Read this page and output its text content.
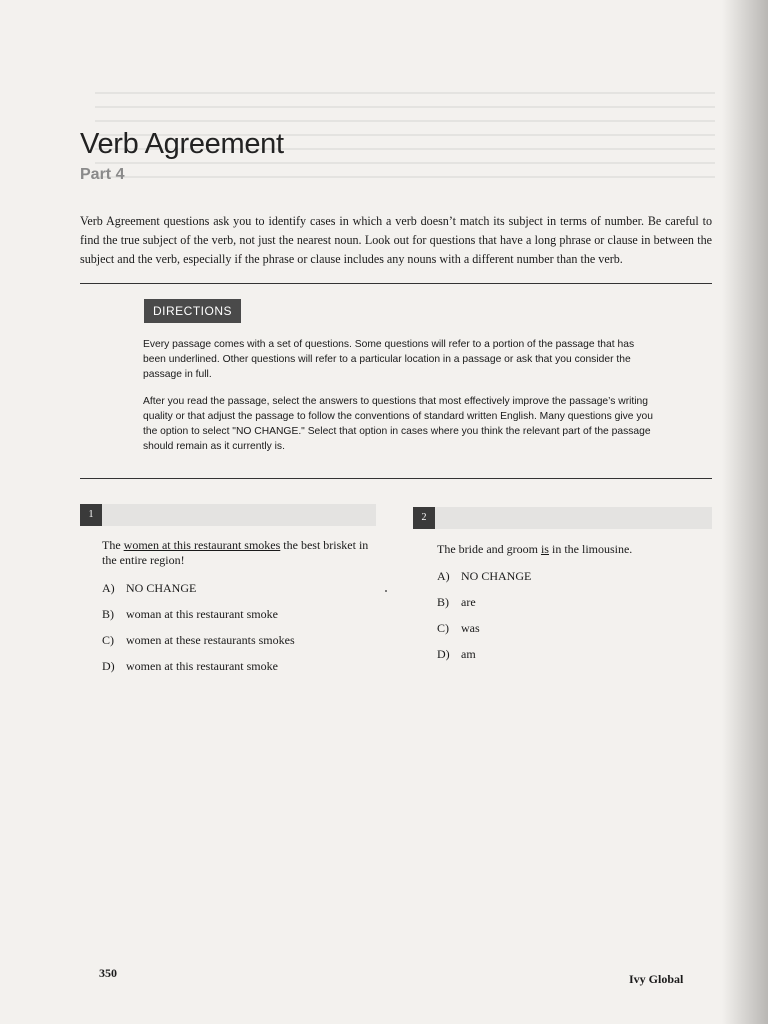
Verb Agreement
Part 4

Verb Agreement questions ask you to identify cases in which a verb doesn’t match its subject in terms of number. Be careful to find the true subject of the verb, not just the nearest noun. Look out for questions that have a long phrase or clause in between the subject and the verb, especially if the phrase or clause includes any nouns with a different number than the verb.

DIRECTIONS

Every passage comes with a set of questions. Some questions will refer to a portion of the passage that has been underlined. Other questions will refer to a particular location in a passage or ask that you consider the passage in full.

After you read the passage, select the answers to questions that most effectively improve the passage’s writing quality or that adjust the passage to follow the conventions of standard written English. Many questions give you the option to select "NO CHANGE." Select that option in cases where you think the relevant part of the passage should remain as it currently is.

1

The women at this restaurant smokes the best brisket in the entire region!

A) NO CHANGE
B) woman at this restaurant smoke
C) women at these restaurants smokes
D) women at this restaurant smoke
2

The bride and groom is in the limousine.

A) NO CHANGE
B) are
C) was
D) am
350	Ivy Global
